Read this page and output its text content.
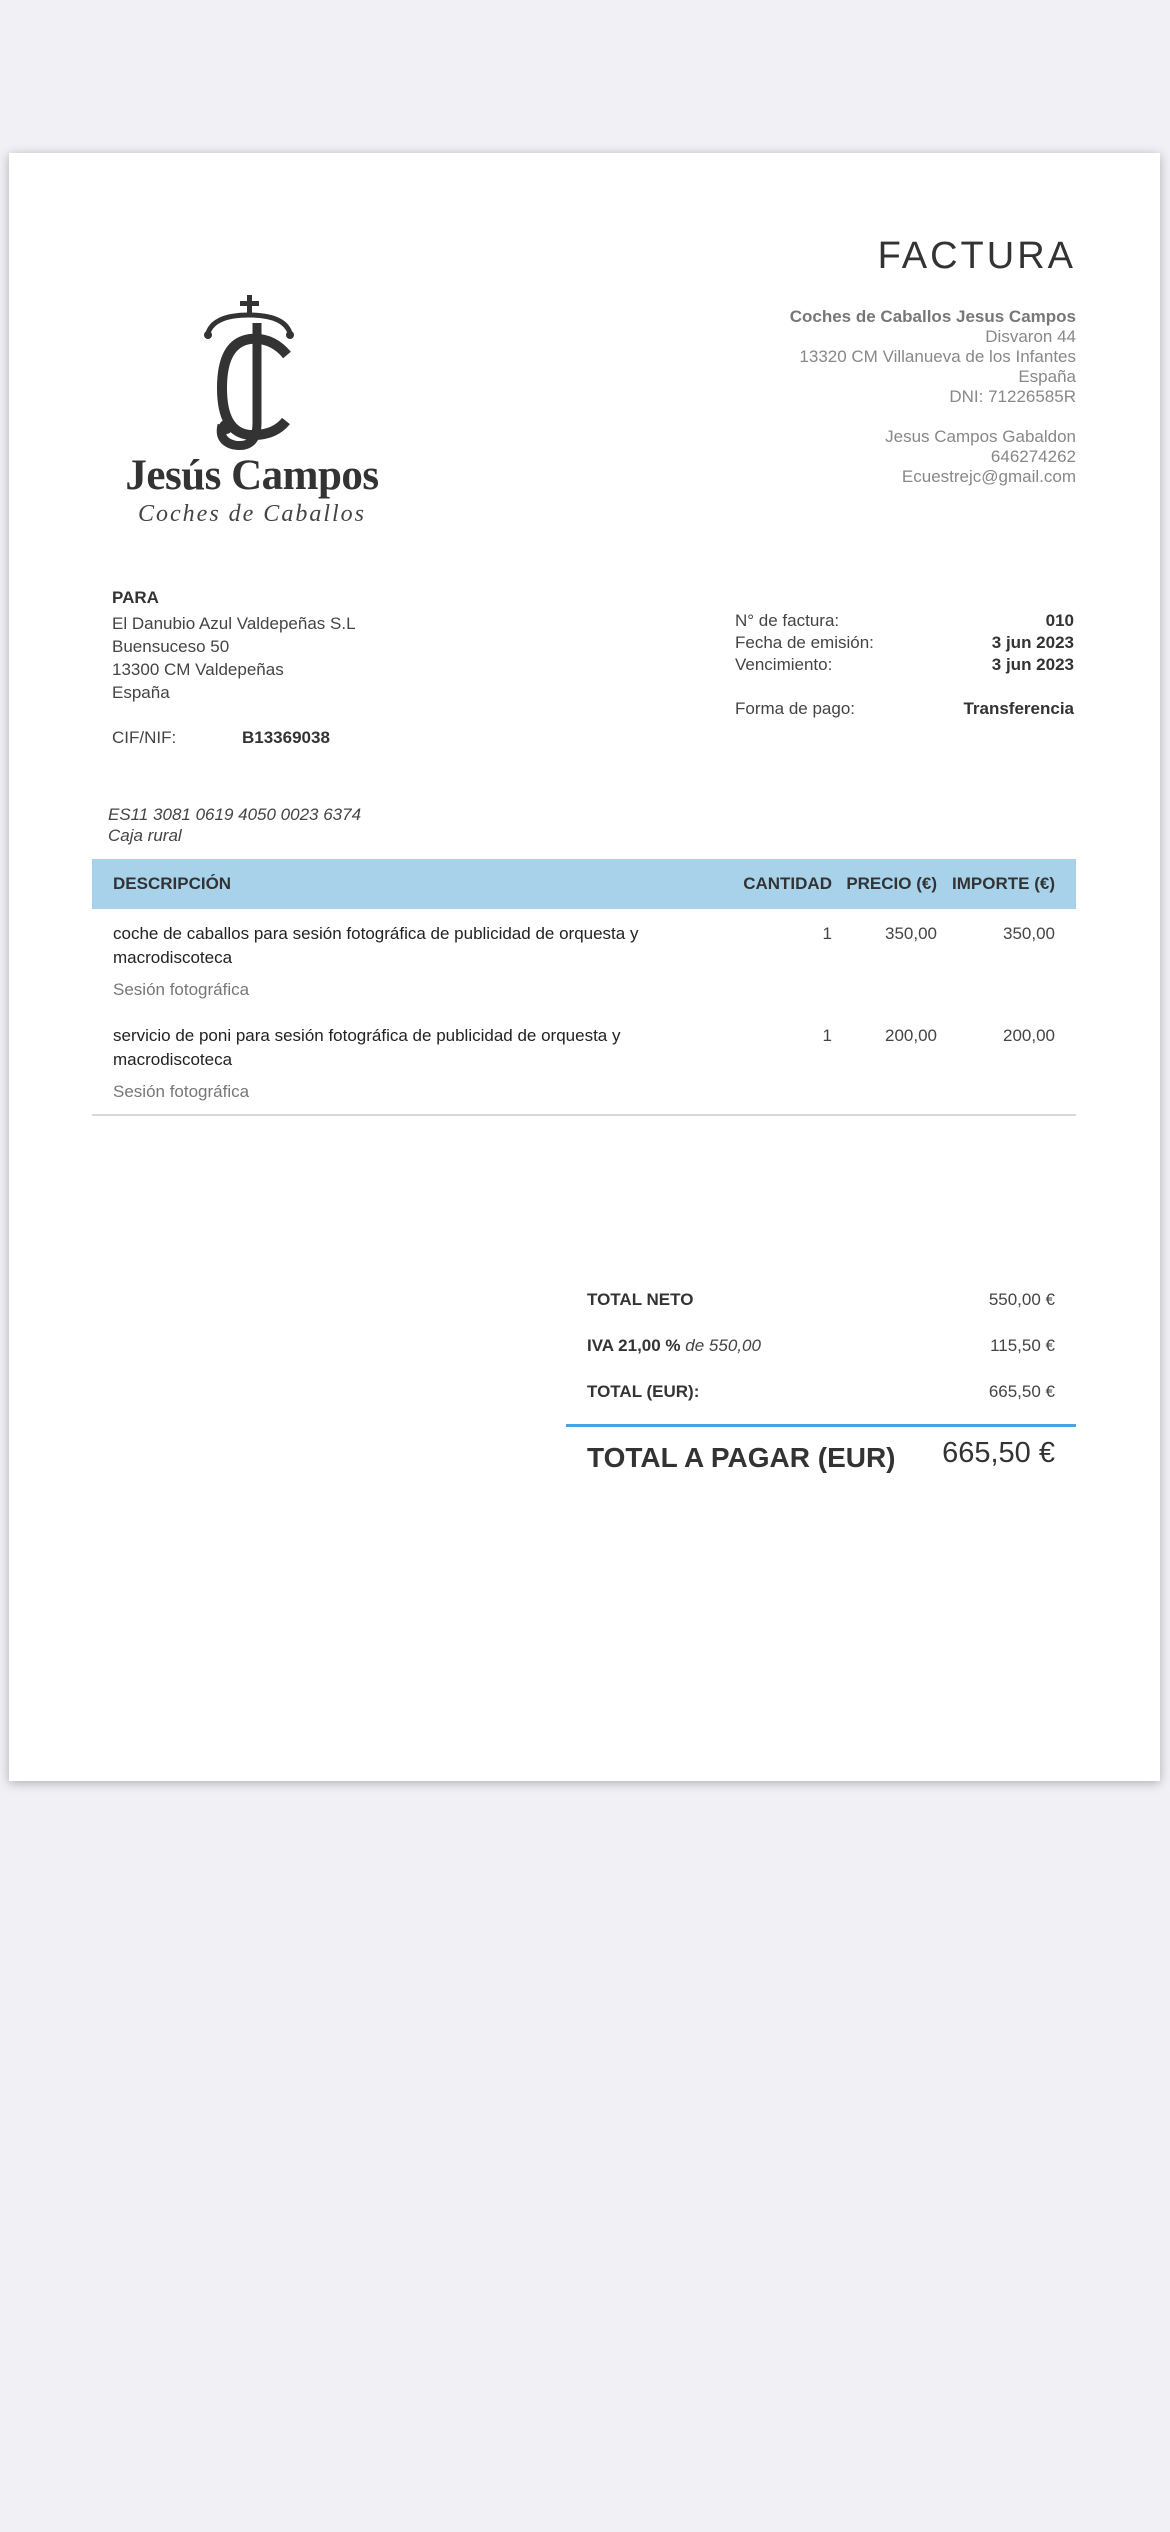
FACTURA
Jesús Campos
Coches de Caballos
Coches de Caballos Jesus Campos
Disvaron 44
13320 CM Villanueva de los Infantes
España
DNI: 71226585R
Jesus Campos Gabaldon
646274262
Ecuestrejc@gmail.com
PARA
El Danubio Azul Valdepeñas S.L
Buensuceso 50
13300 CM Valdepeñas
España
CIF/NIF:	B13369038
N° de factura:	010
Fecha de emisión:	3 jun 2023
Vencimiento:	3 jun 2023
Forma de pago:	Transferencia
ES11 3081 0619 4050 0023 6374
Caja rural
DESCRIPCIÓN	CANTIDAD PRECIO (€) IMPORTE (€)
coche de caballos para sesión fotográfica de publicidad de orquesta y macrodiscoteca
1	350,00	350,00
Sesión fotográfica
servicio de poni para sesión fotográfica de publicidad de orquesta y macrodiscoteca
1	200,00	200,00
Sesión fotográfica
TOTAL NETO	550,00 €
IVA 21,00 % de 550,00	115,50 €
TOTAL (EUR):	665,50 €
TOTAL A PAGAR (EUR) 665,50 €
